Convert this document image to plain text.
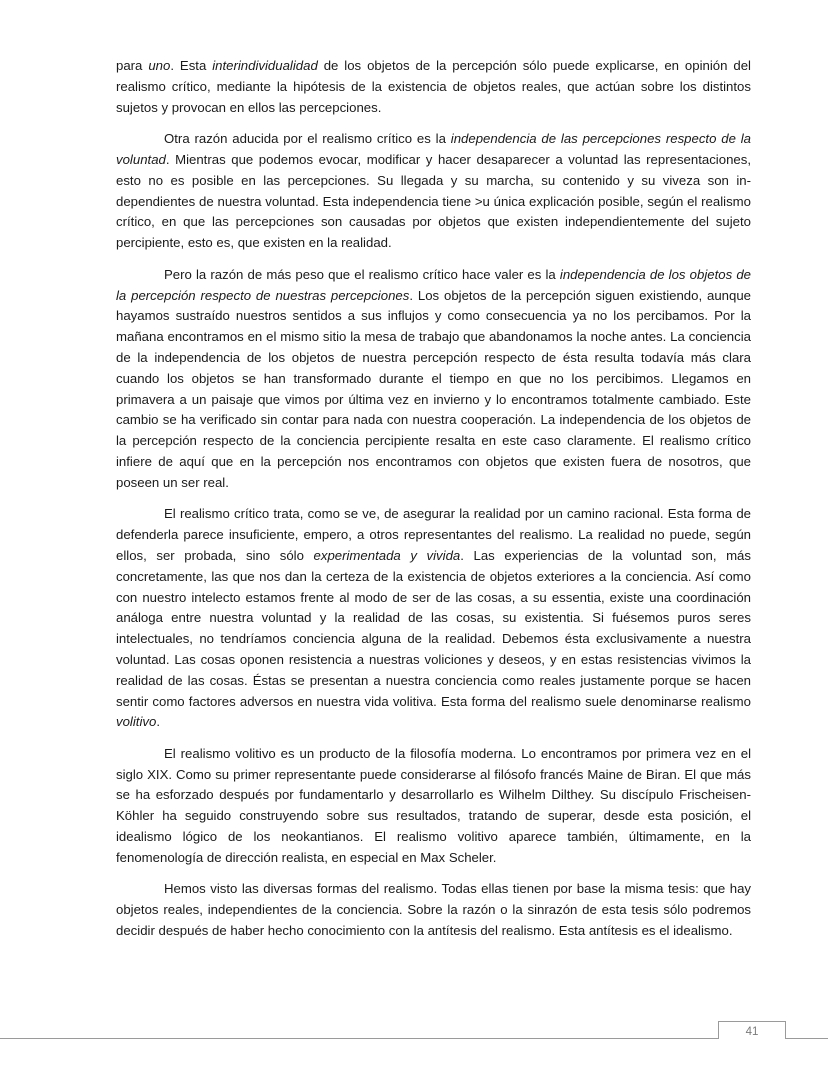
para uno. Esta interindividualidad de los objetos de la percepción sólo puede explicarse, en opinión del realismo crítico, mediante la hipótesis de la existencia de objetos reales, que actúan sobre los distintos sujetos y provocan en ellos las percepciones.

Otra razón aducida por el realismo crítico es la independencia de las percepciones respecto de la voluntad. Mientras que podemos evocar, modificar y hacer desaparecer a voluntad las representaciones, esto no es posible en las percepciones. Su llegada y su marcha, su contenido y su viveza son in-dependientes de nuestra voluntad. Esta independencia tiene >u única explicación posible, según el realismo crítico, en que las percepciones son causadas por objetos que existen independientemente del sujeto percipiente, esto es, que existen en la realidad.

Pero la razón de más peso que el realismo crítico hace valer es la independencia de los objetos de la percepción respecto de nuestras percepciones. Los objetos de la percepción siguen existiendo, aunque hayamos sustraído nuestros sentidos a sus influjos y como consecuencia ya no los percibamos. Por la mañana encontramos en el mismo sitio la mesa de trabajo que abandonamos la noche antes. La conciencia de la independencia de los objetos de nuestra percepción respecto de ésta resulta todavía más clara cuando los objetos se han transformado durante el tiempo en que no los percibimos. Llegamos en primavera a un paisaje que vimos por última vez en invierno y lo encontramos totalmente cambiado. Este cambio se ha verificado sin contar para nada con nuestra cooperación. La independencia de los objetos de la percepción respecto de la conciencia percipiente resalta en este caso claramente. El realismo crítico infiere de aquí que en la percepción nos encontramos con objetos que existen fuera de nosotros, que poseen un ser real.

El realismo crítico trata, como se ve, de asegurar la realidad por un camino racional. Esta forma de defenderla parece insuficiente, empero, a otros representantes del realismo. La realidad no puede, según ellos, ser probada, sino sólo experimentada y vivida. Las experiencias de la voluntad son, más concretamente, las que nos dan la certeza de la existencia de objetos exteriores a la conciencia. Así como con nuestro intelecto estamos frente al modo de ser de las cosas, a su essentia, existe una coordinación análoga entre nuestra voluntad y la realidad de las cosas, su existentia. Si fuésemos puros seres intelectuales, no tendríamos conciencia alguna de la realidad. Debemos ésta exclusivamente a nuestra voluntad. Las cosas oponen resistencia a nuestras voliciones y deseos, y en estas resistencias vivimos la realidad de las cosas. Éstas se presentan a nuestra conciencia como reales justamente porque se hacen sentir como factores adversos en nuestra vida volitiva. Esta forma del realismo suele denominarse realismo volitivo.

El realismo volitivo es un producto de la filosofía moderna. Lo encontramos por primera vez en el siglo XIX. Como su primer representante puede considerarse al filósofo francés Maine de Biran. El que más se ha esforzado después por fundamentarlo y desarrollarlo es Wilhelm Dilthey. Su discípulo Frischeisen-Köhler ha seguido construyendo sobre sus resultados, tratando de superar, desde esta posición, el idealismo lógico de los neokantianos. El realismo volitivo aparece también, últimamente, en la fenomenología de dirección realista, en especial en Max Scheler.

Hemos visto las diversas formas del realismo. Todas ellas tienen por base la misma tesis: que hay objetos reales, independientes de la conciencia. Sobre la razón o la sinrazón de esta tesis sólo podremos decidir después de haber hecho conocimiento con la antítesis del realismo. Esta antítesis es el idealismo.

41
